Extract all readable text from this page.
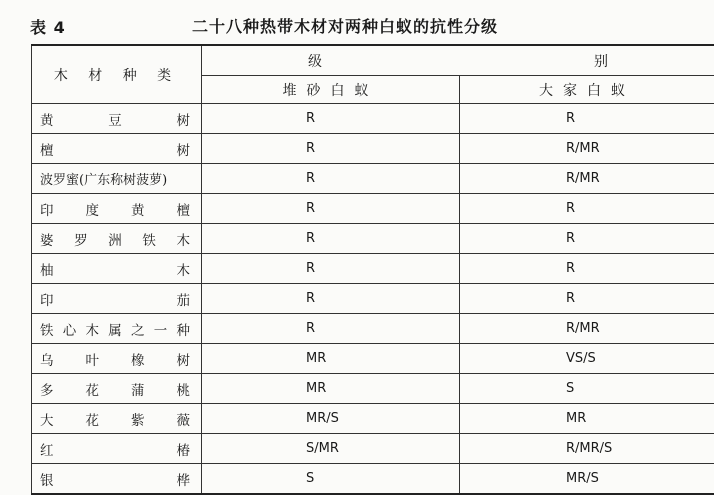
表 4	二十八种热带木材对两种白蚁的抗性分级
木 材 种 类	级 别	
	堆砂白蚁	大家白蚁
黄豆树	R	R
檀树	R	R/MR
波罗蜜(广东称树菠萝)	R	R/MR
印度黄檀	R	R
婆罗洲铁木	R	R
柚木	R	R
印茄	R	R
铁心木属之一种	R	R/MR
乌叶橡树	MR	VS/S
多花蒲桃	MR	S
大花紫薇	MR/S	MR
红椿	S/MR	R/MR/S
银桦	S	MR/S
